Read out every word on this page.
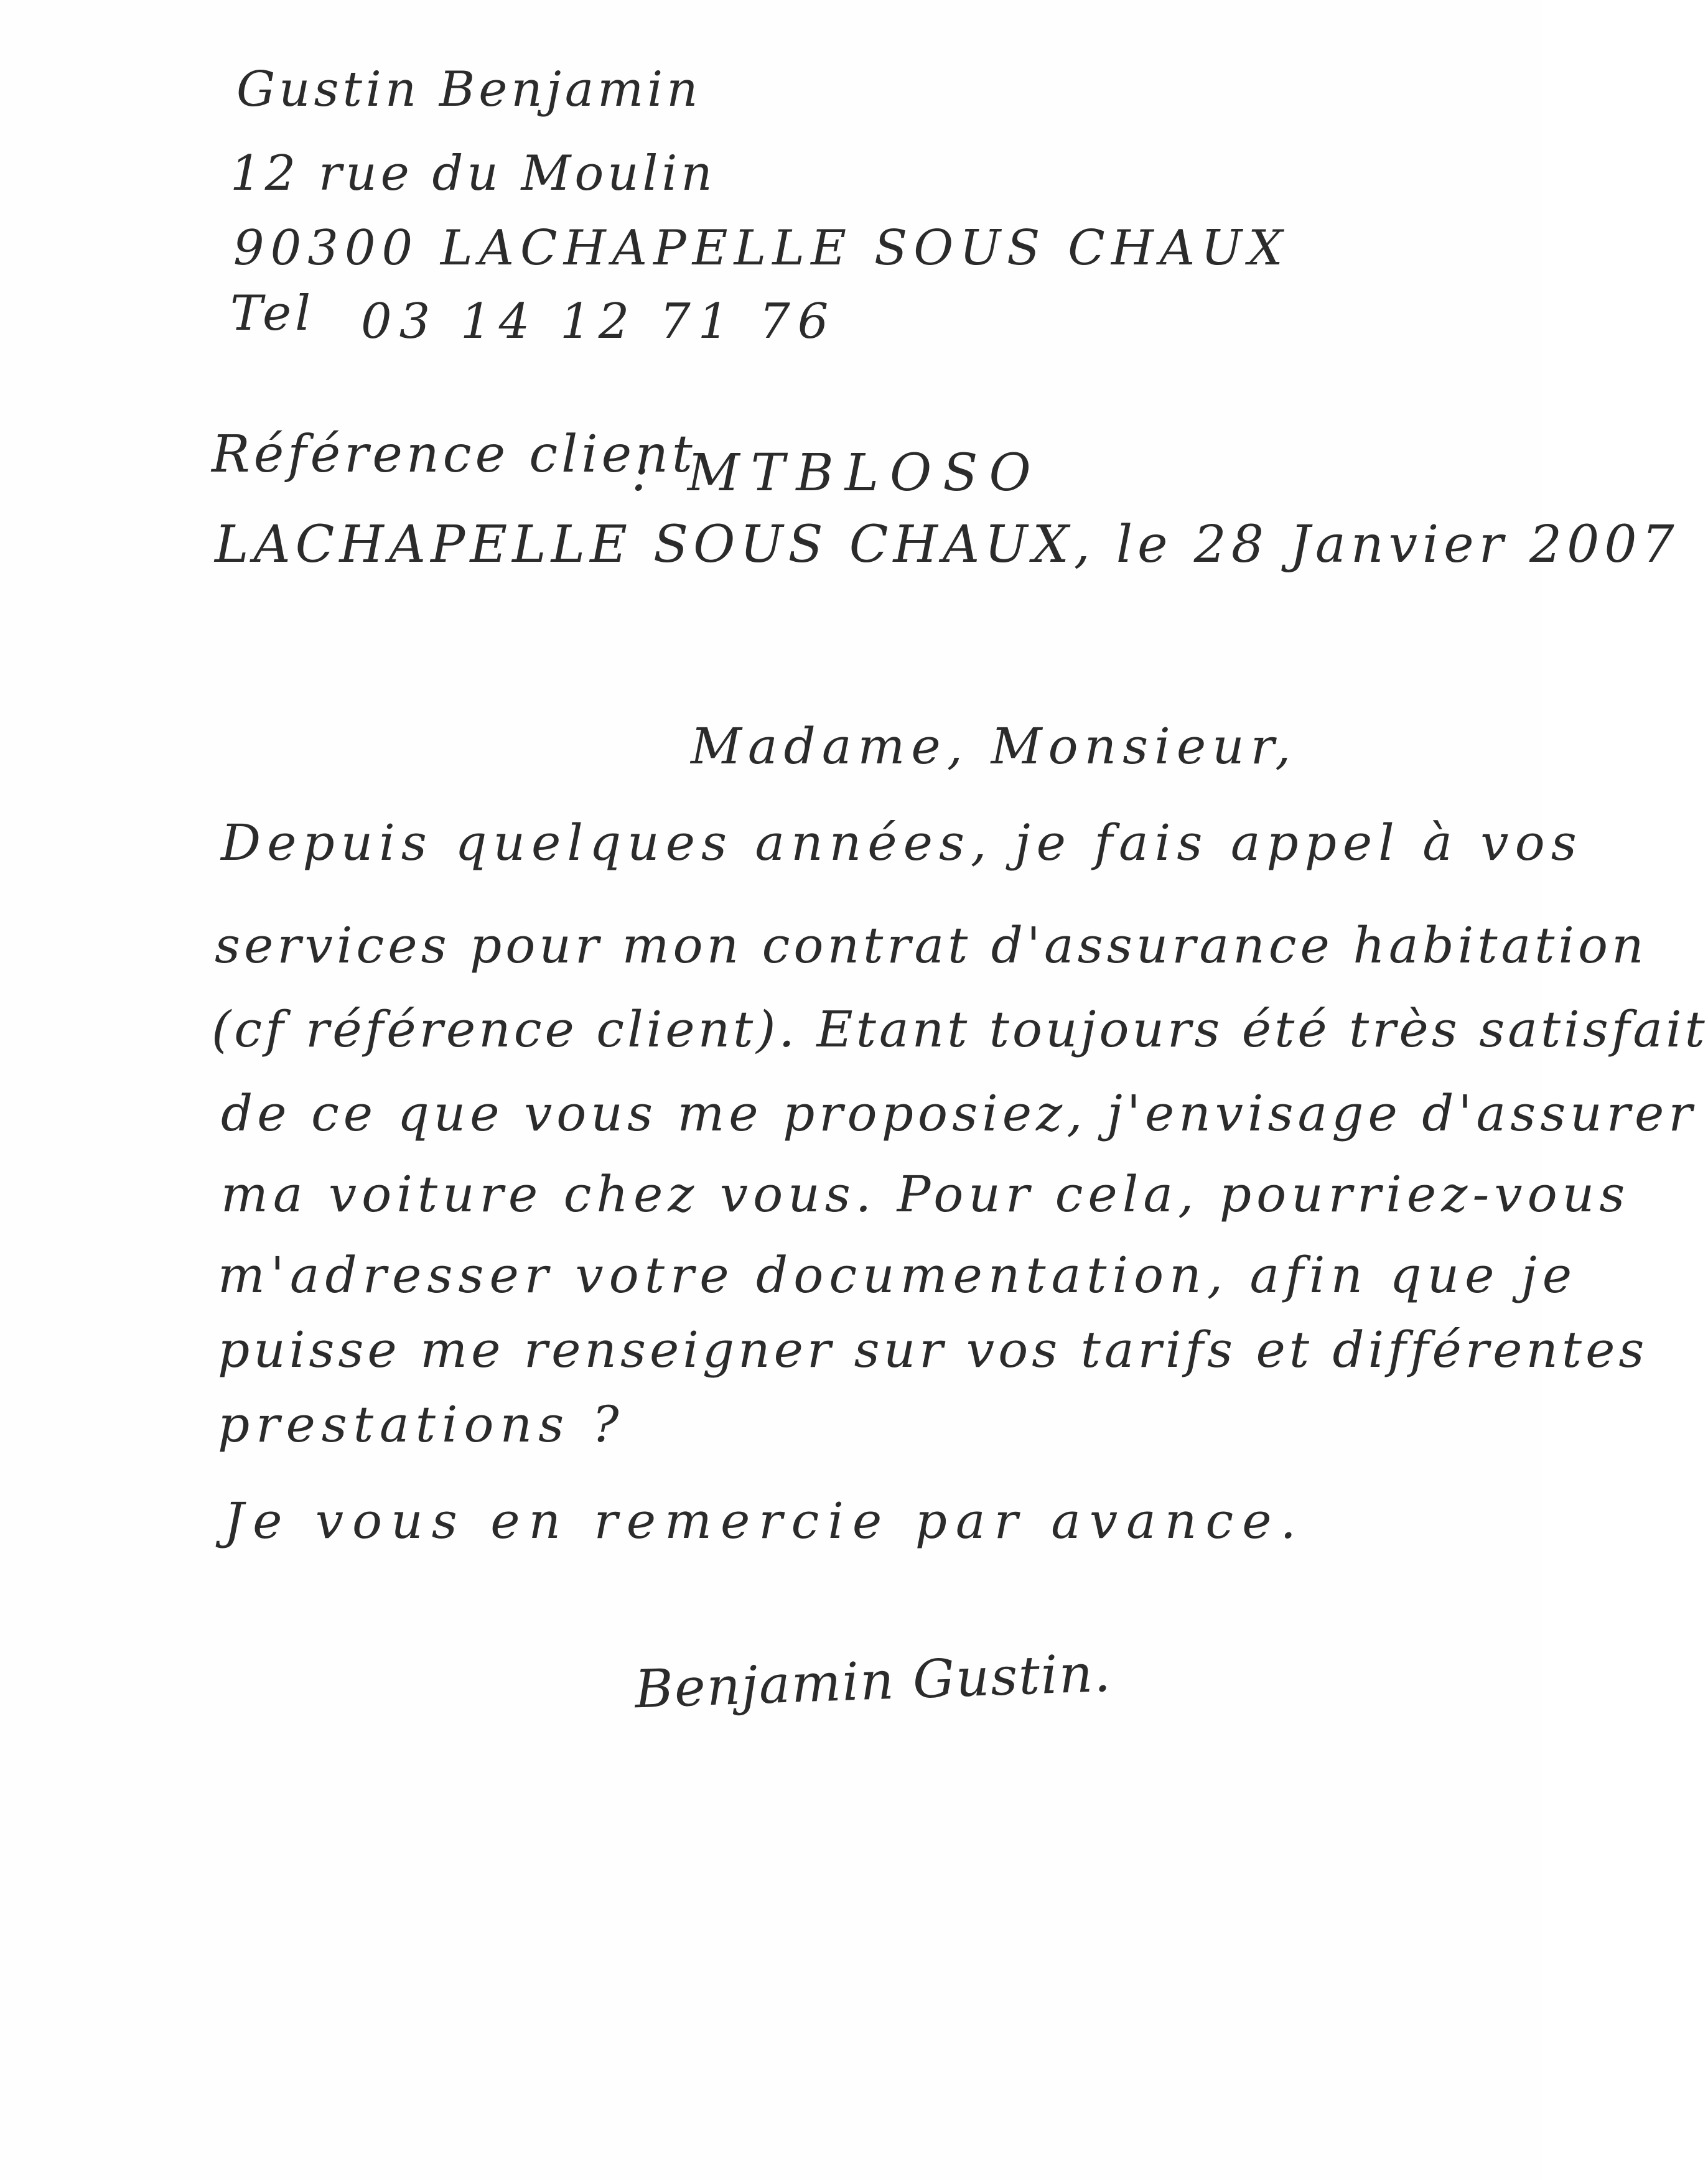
Gustin Benjamin
12 rue du Moulin
90300 LACHAPELLE SOUS CHAUX
Tel 03 14 12 71 76
Référence client
: MTBLOSO
LACHAPELLE SOUS CHAUX, le 28 Janvier 2007
Madame, Monsieur,
Depuis quelques années, je fais appel à vos
services pour mon contrat d'assurance habitation
(cf référence client). Etant toujours été très satisfait
de ce que vous me proposiez, j'envisage d'assurer
ma voiture chez vous. Pour cela, pourriez-vous
m'adresser votre documentation, afin que je
puisse me renseigner sur vos tarifs et différentes
prestations ?
Je vous en remercie par avance.
Benjamin Gustin.
